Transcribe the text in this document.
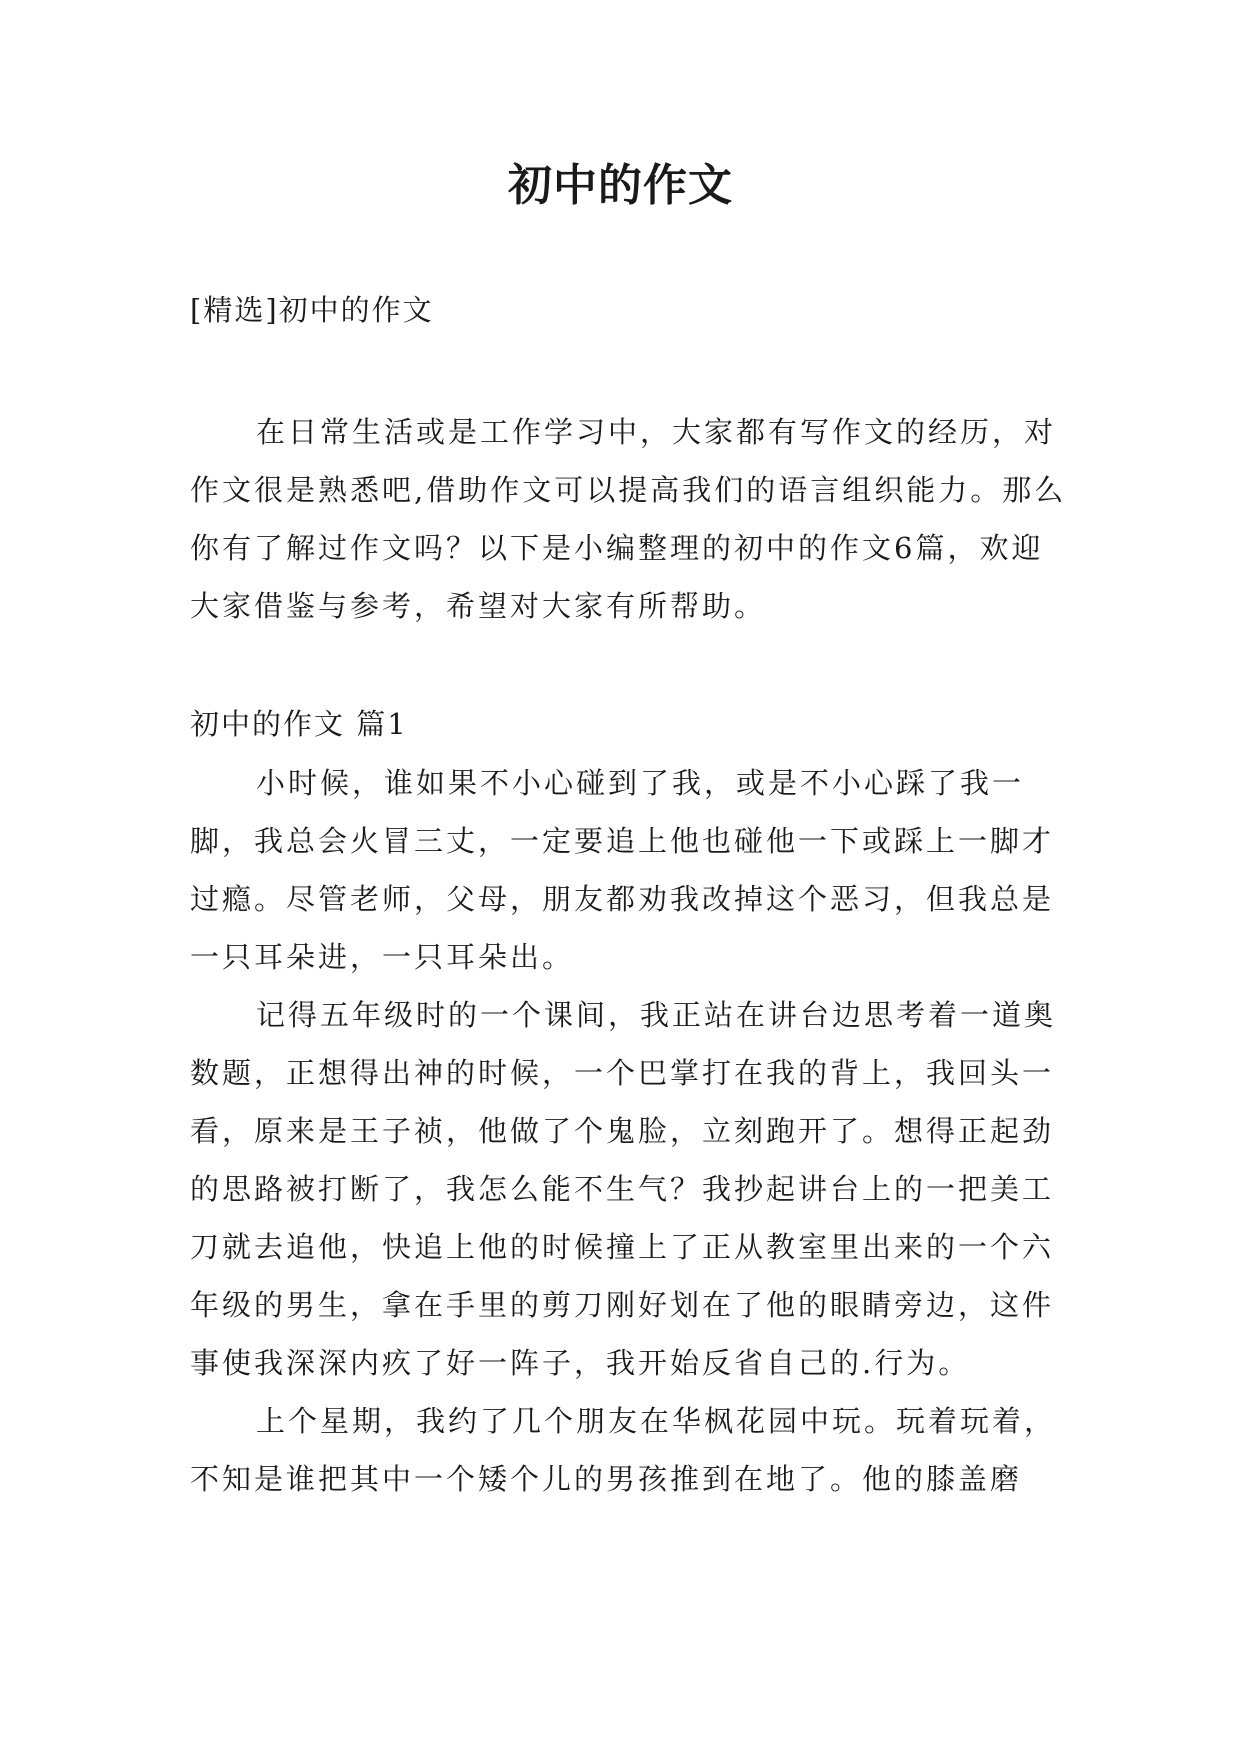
初中的作文
[精选]初中的作文

在日常生活或是工作学习中，大家都有写作文的经历，对作文很是熟悉吧,借助作文可以提高我们的语言组织能力。那么你有了解过作文吗？以下是小编整理的初中的作文6篇，欢迎大家借鉴与参考，希望对大家有所帮助。

初中的作文 篇1

小时候，谁如果不小心碰到了我，或是不小心踩了我一脚，我总会火冒三丈，一定要追上他也碰他一下或踩上一脚才过瘾。尽管老师，父母，朋友都劝我改掉这个恶习，但我总是一只耳朵进，一只耳朵出。

记得五年级时的一个课间，我正站在讲台边思考着一道奥数题，正想得出神的时候，一个巴掌打在我的背上，我回头一看，原来是王子祯，他做了个鬼脸，立刻跑开了。想得正起劲的思路被打断了，我怎么能不生气？我抄起讲台上的一把美工刀就去追他，快追上他的时候撞上了正从教室里出来的一个六年级的男生，拿在手里的剪刀刚好划在了他的眼睛旁边，这件事使我深深内疚了好一阵子，我开始反省自己的.行为。

上个星期，我约了几个朋友在华枫花园中玩。玩着玩着，不知是谁把其中一个矮个儿的男孩推到在地了。他的膝盖磨
